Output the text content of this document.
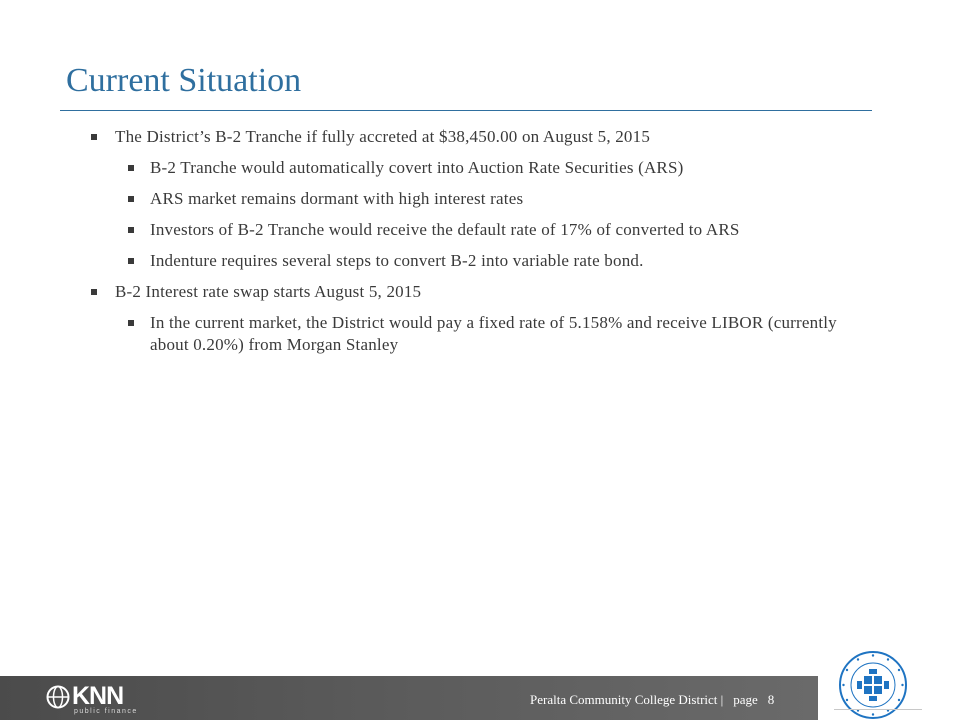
Current Situation
The District’s B-2 Tranche if fully accreted at $38,450.00 on August 5, 2015
B-2 Tranche would automatically covert into Auction Rate Securities (ARS)
ARS market remains dormant with high interest rates
Investors of B-2 Tranche would receive the default rate of 17% of converted to ARS
Indenture requires several steps to convert B-2 into variable rate bond.
B-2 Interest rate swap starts August 5, 2015
In the current market, the District would pay a fixed rate of 5.158% and receive LIBOR (currently about 0.20%) from Morgan Stanley
KNN
public finance
Peralta Community College District | page 8
